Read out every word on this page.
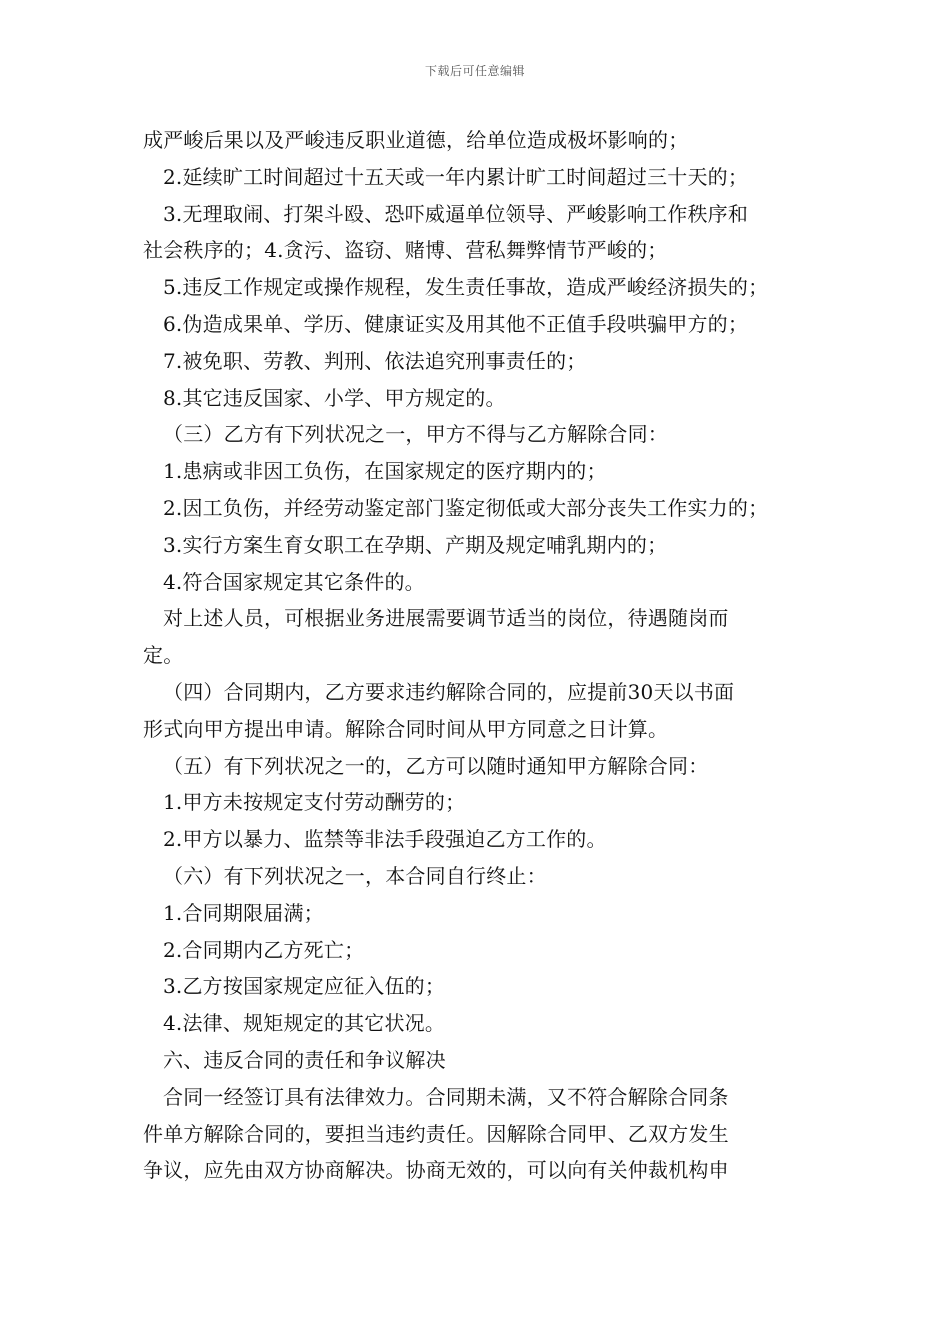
下载后可任意编辑
成严峻后果以及严峻违反职业道德，给单位造成极坏影响的；
2.延续旷工时间超过十五天或一年内累计旷工时间超过三十天的；
3.无理取闹、打架斗殴、恐吓威逼单位领导、严峻影响工作秩序和
社会秩序的；4.贪污、盗窃、赌博、营私舞弊情节严峻的；
5.违反工作规定或操作规程，发生责任事故，造成严峻经济损失的；
6.伪造成果单、学历、健康证实及用其他不正值手段哄骗甲方的；
7.被免职、劳教、判刑、依法追究刑事责任的；
8.其它违反国家、小学、甲方规定的。
（三）乙方有下列状况之一，甲方不得与乙方解除合同：
1.患病或非因工负伤，在国家规定的医疗期内的；
2.因工负伤，并经劳动鉴定部门鉴定彻低或大部分丧失工作实力的；
3.实行方案生育女职工在孕期、产期及规定哺乳期内的；
4.符合国家规定其它条件的。
对上述人员，可根据业务进展需要调节适当的岗位，待遇随岗而
定。
（四）合同期内，乙方要求违约解除合同的，应提前30天以书面
形式向甲方提出申请。解除合同时间从甲方同意之日计算。
（五）有下列状况之一的，乙方可以随时通知甲方解除合同：
1.甲方未按规定支付劳动酬劳的；
2.甲方以暴力、监禁等非法手段强迫乙方工作的。
（六）有下列状况之一，本合同自行终止：
1.合同期限届满；
2.合同期内乙方死亡；
3.乙方按国家规定应征入伍的；
4.法律、规矩规定的其它状况。
六、违反合同的责任和争议解决
合同一经签订具有法律效力。合同期未满，又不符合解除合同条
件单方解除合同的，要担当违约责任。因解除合同甲、乙双方发生
争议，应先由双方协商解决。协商无效的，可以向有关仲裁机构申
